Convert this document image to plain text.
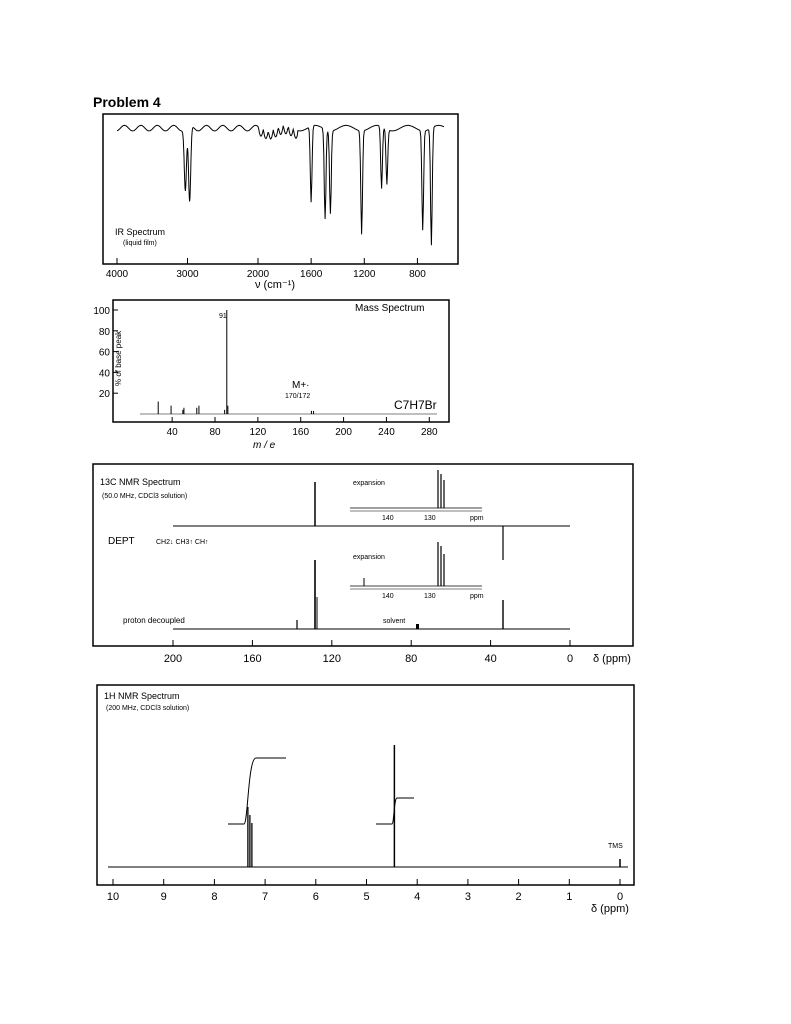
Problem 4
4000	3000	2000	1600	1200	800
IR Spectrum
(liquid film)
ν (cm⁻¹)
100
80
60
40
20
40	80	120	160	200	240	280
Mass Spectrum
91
M+·
170/172
C7H7Br
% of base peak
m / e
13C NMR Spectrum
(50.0 MHz, CDCl3 solution)
DEPT	CH2↓ CH3↑ CH↑
expansion
140	130	ppm
proton decoupled	solvent
expansion
140	130	ppm
200	160	120	80	40	0 δ (ppm)
1H NMR Spectrum
(200 MHz, CDCl3 solution)
TMS
10	9	8	7	6	5	4	3	2	1	0
δ (ppm)
